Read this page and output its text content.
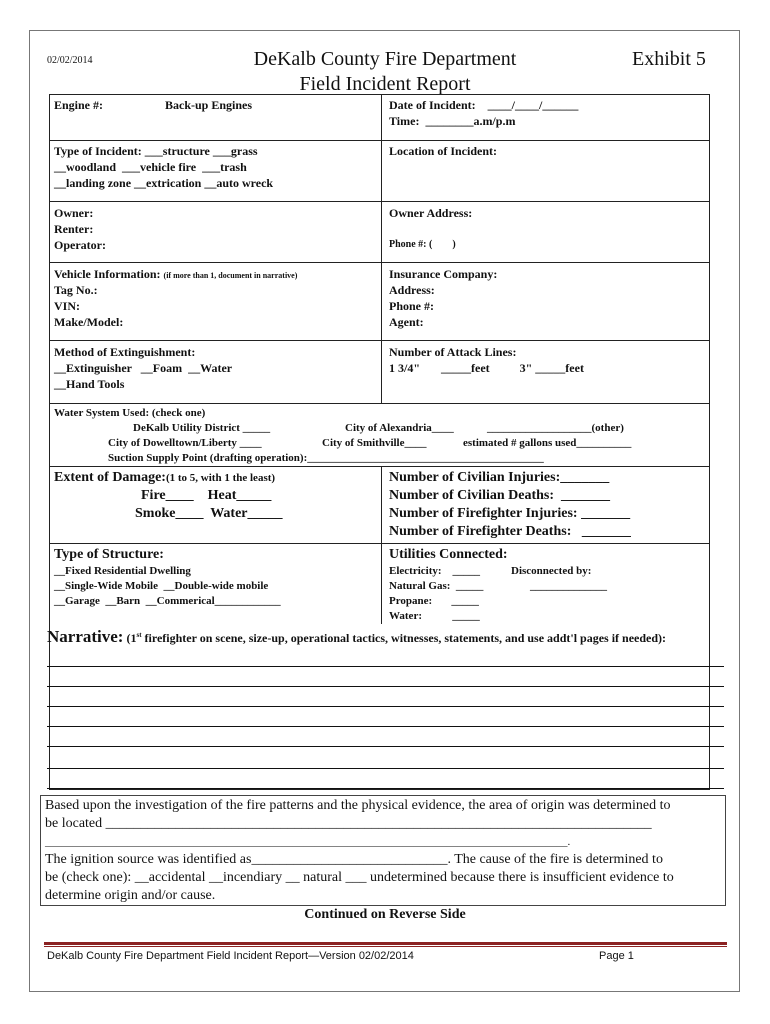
02/02/2014	DeKalb County Fire Department
Field Incident Report
Exhibit 5
Engine #:	Back-up Engines	Date of Incident:    ____/____/______
Time:  ________a.m/p.m
Type of Incident: ___structure ___grass
__woodland  ___vehicle fire  ___trash
__landing zone __extrication __auto wreck
Location of Incident:
Owner:
Renter:
Operator:
Owner Address:
Phone #: (        )
Vehicle Information: (if more than 1, document in narrative)
Tag No.:
VIN:
Make/Model:
Insurance Company:
Address:
Phone #:
Agent:
Method of Extinguishment:
__Extinguisher   __Foam  __Water
__Hand Tools
Number of Attack Lines:
1 3/4"       _____feet          3" _____feet
Water System Used: (check one)
DeKalb Utility District _____	City of Alexandria____	___________________(other)
City of Dowelltown/Liberty ____	City of Smithville____	estimated # gallons used__________
Suction Supply Point (drafting operation):___________________________________________
Extent of Damage:(1 to 5, with 1 the least)
Fire____    Heat_____
Smoke____  Water_____
Number of Civilian Injuries:_______
Number of Civilian Deaths:  _______
Number of Firefighter Injuries: _______
Number of Firefighter Deaths:   _______
Type of Structure:
__Fixed Residential Dwelling
__Single-Wide Mobile  __Double-wide mobile
__Garage  __Barn  __Commerical____________
Utilities Connected:
Electricity:    _____	Disconnected by:
Natural Gas:  _____	______________
Propane:       _____
Water:           _____
Narrative: (1st firefighter on scene, size-up, operational tactics, witnesses, statements, and use addt'l pages if needed):
Based upon the investigation of the fire patterns and the physical evidence, the area of origin was determined to
be located ______________________________________________________________________________
_______________________________________________________________________________________________.
The ignition source was identified as____________________________. The cause of the fire is determined to
be (check one): __accidental __incendiary __ natural ___ undetermined because there is insufficient evidence to
determine origin and/or cause.
Continued on Reverse Side
DeKalb County Fire Department Field Incident Report—Version 02/02/2014	Page 1
